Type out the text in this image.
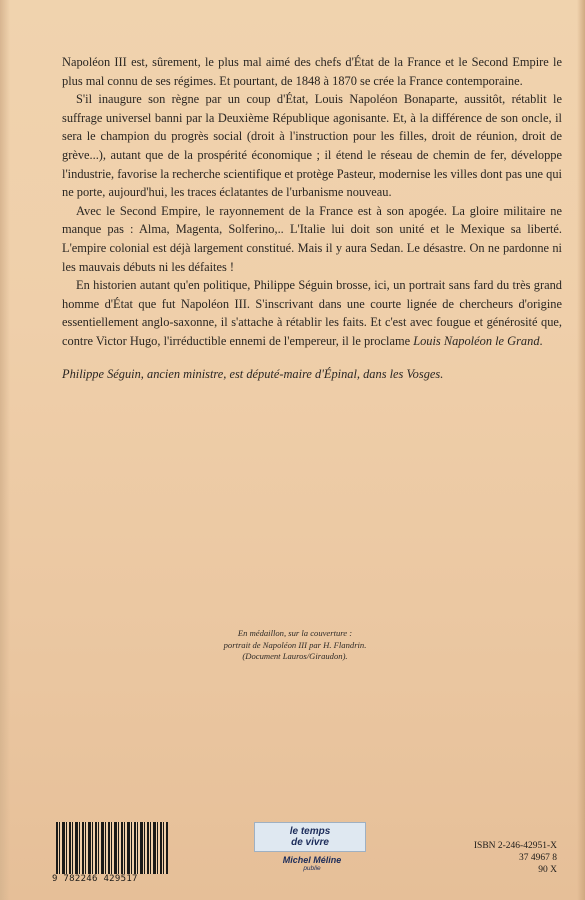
Napoléon III est, sûrement, le plus mal aimé des chefs d'État de la France et le Second Empire le plus mal connu de ses régimes. Et pourtant, de 1848 à 1870 se crée la France contemporaine.

S'il inaugure son règne par un coup d'État, Louis Napoléon Bonaparte, aussitôt, rétablit le suffrage universel banni par la Deuxième République agonisante. Et, à la différence de son oncle, il sera le champion du progrès social (droit à l'instruction pour les filles, droit de réunion, droit de grève...), autant que de la prospérité économique ; il étend le réseau de chemin de fer, développe l'industrie, favorise la recherche scientifique et protège Pasteur, modernise les villes dont pas une qui ne porte, aujourd'hui, les traces éclatantes de l'urbanisme nouveau.

Avec le Second Empire, le rayonnement de la France est à son apogée. La gloire militaire ne manque pas : Alma, Magenta, Solferino,.. L'Italie lui doit son unité et le Mexique sa liberté. L'empire colonial est déjà largement constitué. Mais il y aura Sedan. Le désastre. On ne pardonne ni les mauvais débuts ni les défaites !

En historien autant qu'en politique, Philippe Séguin brosse, ici, un portrait sans fard du très grand homme d'État que fut Napoléon III. S'inscrivant dans une courte lignée de chercheurs d'origine essentiellement anglo-saxonne, il s'attache à rétablir les faits. Et c'est avec fougue et générosité que, contre Victor Hugo, l'irréductible ennemi de l'empereur, il le proclame Louis Napoléon le Grand.

Philippe Séguin, ancien ministre, est député-maire d'Épinal, dans les Vosges.

En médaillon, sur la couverture :
portrait de Napoléon III par H. Flandrin.
(Document Lauros/Giraudon).
9 782246 429517
le temps
de vivre
Michel Méline
publie
ISBN 2-246-42951-X
37 4967 8
90 X
